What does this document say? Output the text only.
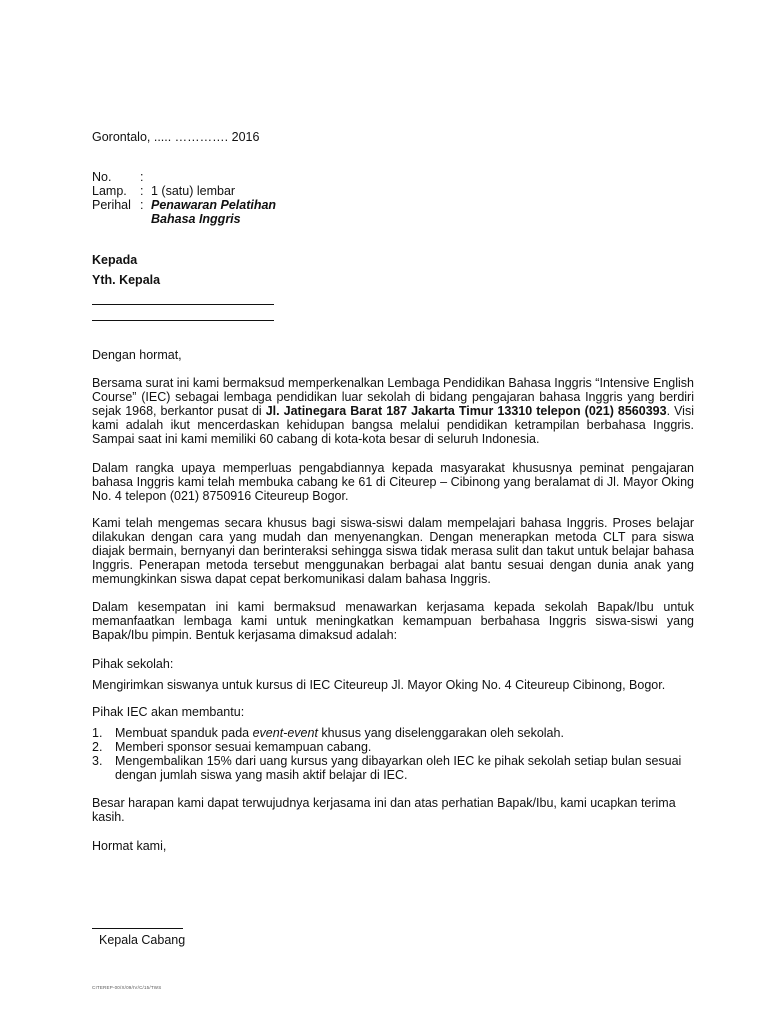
Gorontalo, ..... …………. 2016

No.	:
Lamp.	: 1 (satu) lembar
Perihal : Penawaran Pelatihan
Bahasa Inggris

Kepada

Yth. Kepala

Dengan hormat,

Bersama surat ini kami bermaksud memperkenalkan Lembaga Pendidikan Bahasa Inggris “Intensive English Course” (IEC) sebagai lembaga pendidikan luar sekolah di bidang pengajaran bahasa Inggris yang berdiri sejak 1968, berkantor pusat di Jl. Jatinegara Barat 187 Jakarta Timur 13310 telepon (021) 8560393. Visi kami adalah ikut mencerdaskan kehidupan bangsa melalui pendidikan ketrampilan berbahasa Inggris. Sampai saat ini kami memiliki 60 cabang di kota-kota besar di seluruh Indonesia.

Dalam rangka upaya memperluas pengabdiannya kepada masyarakat khususnya peminat pengajaran bahasa Inggris kami telah membuka cabang ke 61 di Citeurep – Cibinong yang beralamat di Jl. Mayor Oking No. 4 telepon (021) 8750916 Citeureup Bogor.

Kami telah mengemas secara khusus bagi siswa-siswi dalam mempelajari bahasa Inggris. Proses belajar dilakukan dengan cara yang mudah dan menyenangkan. Dengan menerapkan metoda CLT para siswa diajak bermain, bernyanyi dan berinteraksi sehingga siswa tidak merasa sulit dan takut untuk belajar bahasa Inggris. Penerapan metoda tersebut menggunakan berbagai alat bantu sesuai dengan dunia anak yang memungkinkan siswa dapat cepat berkomunikasi dalam bahasa Inggris.

Dalam kesempatan ini kami bermaksud menawarkan kerjasama kepada sekolah Bapak/Ibu untuk memanfaatkan lembaga kami untuk meningkatkan kemampuan berbahasa Inggris siswa-siswi yang Bapak/Ibu pimpin. Bentuk kerjasama dimaksud adalah:

Pihak sekolah:

Mengirimkan siswanya untuk kursus di IEC Citeureup Jl. Mayor Oking No. 4 Citeureup Cibinong, Bogor.

Pihak IEC akan membantu:

1.	Membuat spanduk pada event-event khusus yang diselenggarakan oleh sekolah.
2.	Memberi sponsor sesuai kemampuan cabang.
3.	Mengembalikan 15% dari uang kursus yang dibayarkan oleh IEC ke pihak sekolah setiap bulan sesuai dengan jumlah siswa yang masih aktif belajar di IEC.

Besar harapan kami dapat terwujudnya kerjasama ini dan atas perhatian Bapak/Ibu, kami ucapkan terima kasih.

Hormat kami,

Kepala Cabang

CITEREP-00/X/09/IV/C/15/TWS
